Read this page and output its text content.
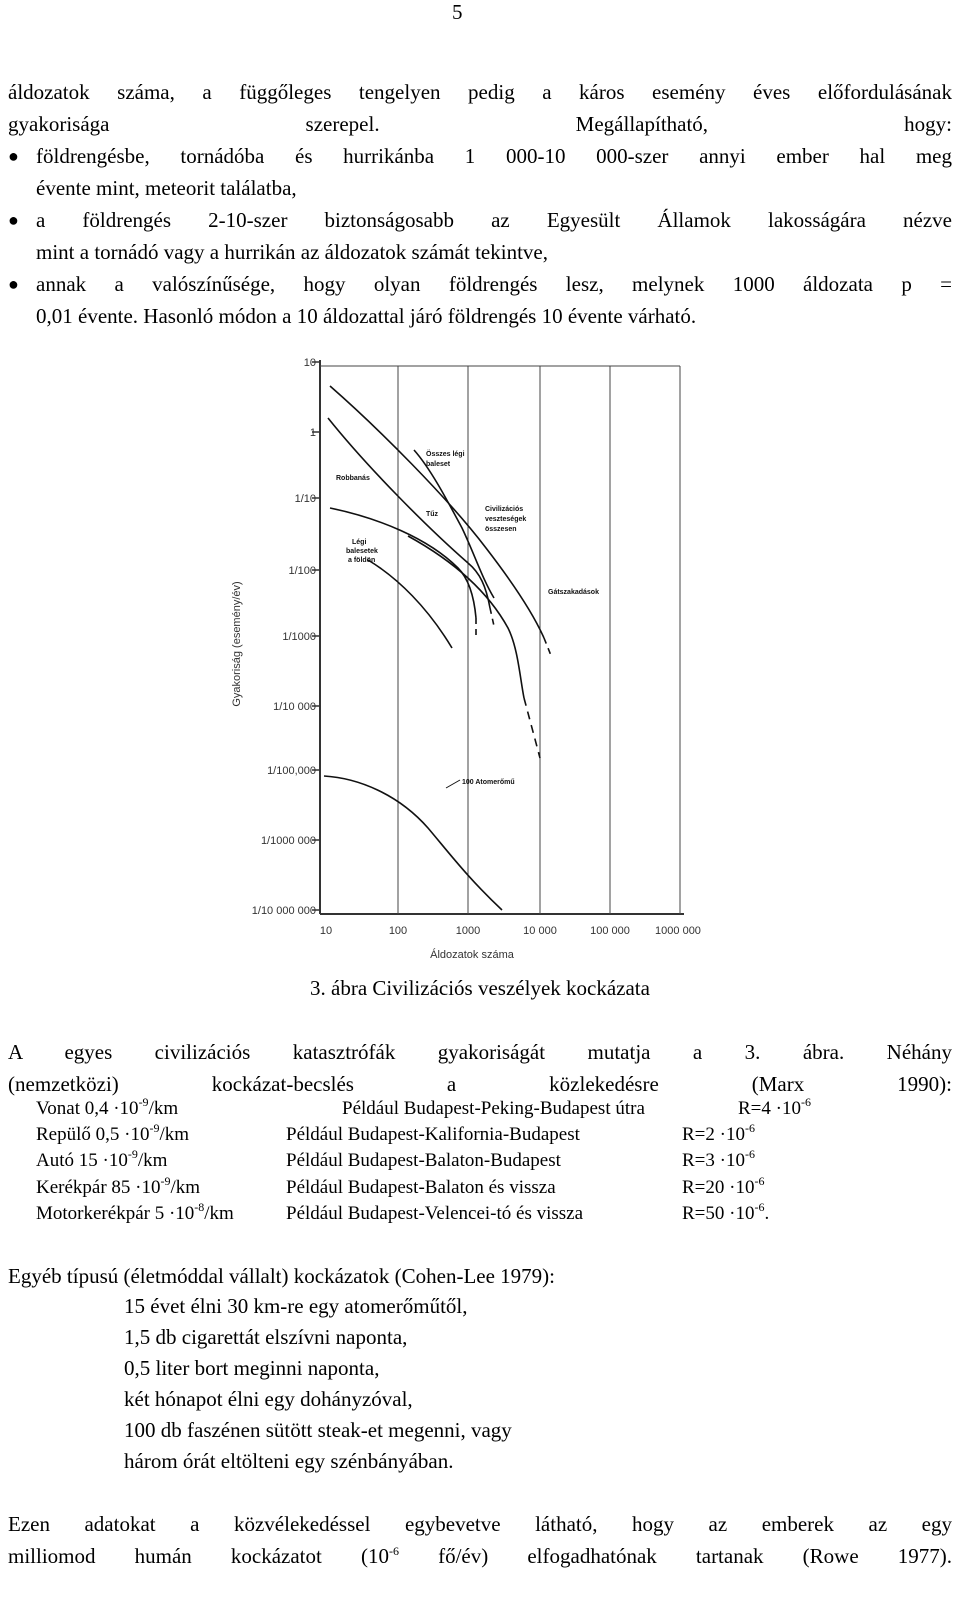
5
áldozatok száma, a függőleges tengelyen pedig a káros esemény éves előfordulásának
gyakorisága szerepel. Megállapítható, hogy:
● földrengésbe, tornádóba és hurrikánba 1 000-10 000-szer annyi ember hal meg
évente mint, meteorit találatba,
● a földrengés 2-10-szer biztonságosabb az Egyesült Államok lakosságára nézve
mint a tornádó vagy a hurrikán az áldozatok számát tekintve,
● annak a valószínűsége, hogy olyan földrengés lesz, melynek 1000 áldozata p =
0,01 évente. Hasonló módon a 10 áldozattal járó földrengés 10 évente várható.
10
1
1/10
1/100
1/1000
1/10 000
1/100,000
1/1000 000
1/10 000 000
10	100	1000	10 000	100 000 1000 000
Áldozatok száma
Gyakoriság (esemény/év)
Robbanás
Összes légi
baleset
Tűz
Civilizációs
veszteségek
összesen
Légi
balesetek
a földön
Gátszakadások
100 Atomerőmű
3. ábra Civilizációs veszélyek kockázata
A egyes civilizációs katasztrófák gyakoriságát mutatja a 3. ábra. Néhány
(nemzetközi) kockázat-becslés a közlekedésre (Marx 1990):
Vonat $0,4 \cdot 10^{-9}/km$	Például Budapest-Peking-Budapest útra	$R=4 \cdot 10^{-6}$
Repülő $0,5 \cdot 10^{-9}/km$	Például Budapest-Kalifornia-Budapest	$R=2 \cdot 10^{-6}$
Autó $15 \cdot 10^{-9}/km$	Például Budapest-Balaton-Budapest	$R=3 \cdot 10^{-6}$
Kerékpár $85 \cdot 10^{-9}/km$	Például Budapest-Balaton és vissza	$R=20 \cdot 10^{-6}$
Motorkerékpár $5 \cdot 10^{-8}/km$	Például Budapest-Velencei-tó és vissza	$R=50 \cdot 10^{-6}$.
Egyéb típusú (életmóddal vállalt) kockázatok (Cohen-Lee 1979):
15 évet élni 30 km-re egy atomerőműtől,
1,5 db cigarettát elszívni naponta,
0,5 liter bort meginni naponta,
két hónapot élni egy dohányzóval,
100 db faszénen sütött steak-et megenni, vagy
három órát eltölteni egy szénbányában.
Ezen adatokat a közvélekedéssel egybevetve látható, hogy az emberek az egy
milliomod humán kockázatot ($10^{-6}$ fő/év) elfogadhatónak tartanak (Rowe 1977).
